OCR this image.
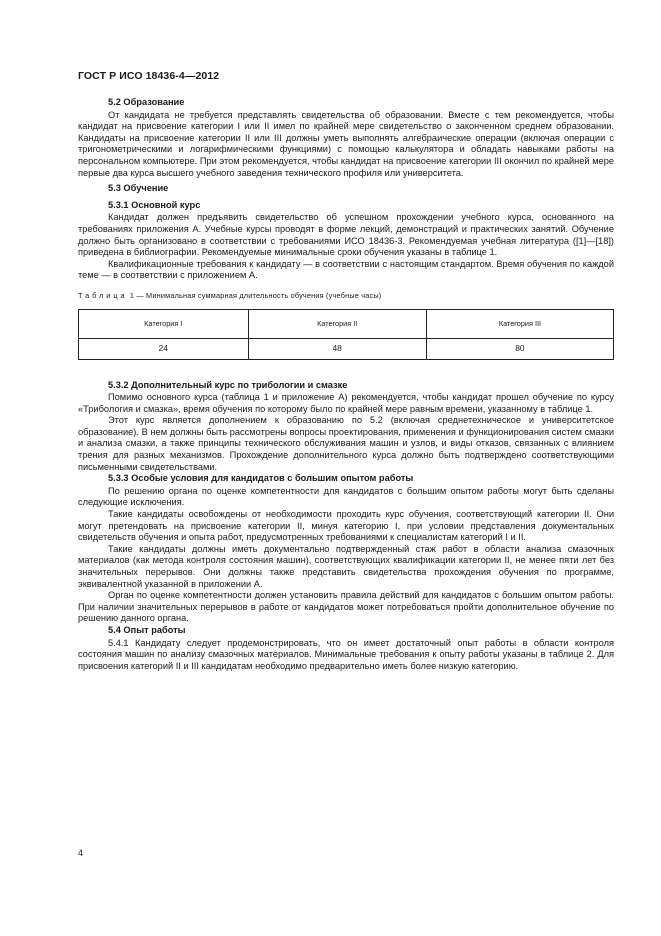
ГОСТ Р ИСО 18436-4—2012
5.2 Образование

От кандидата не требуется представлять свидетельства об образовании. Вместе с тем рекомендуется, чтобы кандидат на присвоение категории I или II имел по крайней мере свидетельство о законченном среднем образовании. Кандидаты на присвоение категории II или III должны уметь выполнять алгебраические операции (включая операции с тригонометрическими и логарифмическими функциями) с помощью калькулятора и обладать навыками работы на персональном компьютере. При этом рекомендуется, чтобы кандидат на присвоение категории III окончил по крайней мере первые два курса высшего учебного заведения технического профиля или университета.

5.3 Обучение
5.3.1 Основной курс

Кандидат должен предъявить свидетельство об успешном прохождении учебного курса, основанного на требованиях приложения А. Учебные курсы проводят в форме лекций, демонстраций и практических занятий. Обучение должно быть организовано в соответствии с требованиями ИСО 18436-3. Рекомендуемая учебная литература ([1]—[18]) приведена в библиографии. Рекомендуемые минимальные сроки обучения указаны в таблице 1.

Квалификационные требования к кандидату — в соответствии с настоящим стандартом. Время обучения по каждой теме — в соответствии с приложением А.

Таблица 1 — Минимальная суммарная длительность обучения (учебные часы)
Категория I	Категория II	Категория III
24	48	80
5.3.2 Дополнительный курс по трибологии и смазке

Помимо основного курса (таблица 1 и приложение А) рекомендуется, чтобы кандидат прошел обучение по курсу «Трибология и смазка», время обучения по которому было по крайней мере равным времени, указанному в таблице 1.

Этот курс является дополнением к образованию по 5.2 (включая среднетехническое и университетское образование). В нем должны быть рассмотрены вопросы проектирования, применения и функционирования систем смазки и анализа смазки, а также принципы технического обслуживания машин и узлов, и виды отказов, связанных с влиянием трения для разных механизмов. Прохождение дополнительного курса должно быть подтверждено соответствующими письменными свидетельствами.

5.3.3 Особые условия для кандидатов с большим опытом работы

По решению органа по оценке компетентности для кандидатов с большим опытом работы могут быть сделаны следующие исключения.

Такие кандидаты освобождены от необходимости проходить курс обучения, соответствующий категории II. Они могут претендовать на присвоение категории II, минуя категорию I, при условии представления документальных свидетельств обучения и опыта работ, предусмотренных требованиями к специалистам категорий I и II.

Такие кандидаты должны иметь документально подтвержденный стаж работ в области анализа смазочных материалов (как метода контроля состояния машин), соответствующих квалификации категории II, не менее пяти лет без значительных перерывов. Они должны также представить свидетельства прохождения обучения по программе, эквивалентной указанной в приложении А.

Орган по оценке компетентности должен установить правила действий для кандидатов с большим опытом работы. При наличии значительных перерывов в работе от кандидатов может потребоваться пройти дополнительное обучение по решению данного органа.

5.4 Опыт работы

5.4.1 Кандидату следует продемонстрировать, что он имеет достаточный опыт работы в области контроля состояния машин по анализу смазочных материалов. Минимальные требования к опыту работы указаны в таблице 2. Для присвоения категорий II и III кандидатам необходимо предварительно иметь более низкую категорию.

4
